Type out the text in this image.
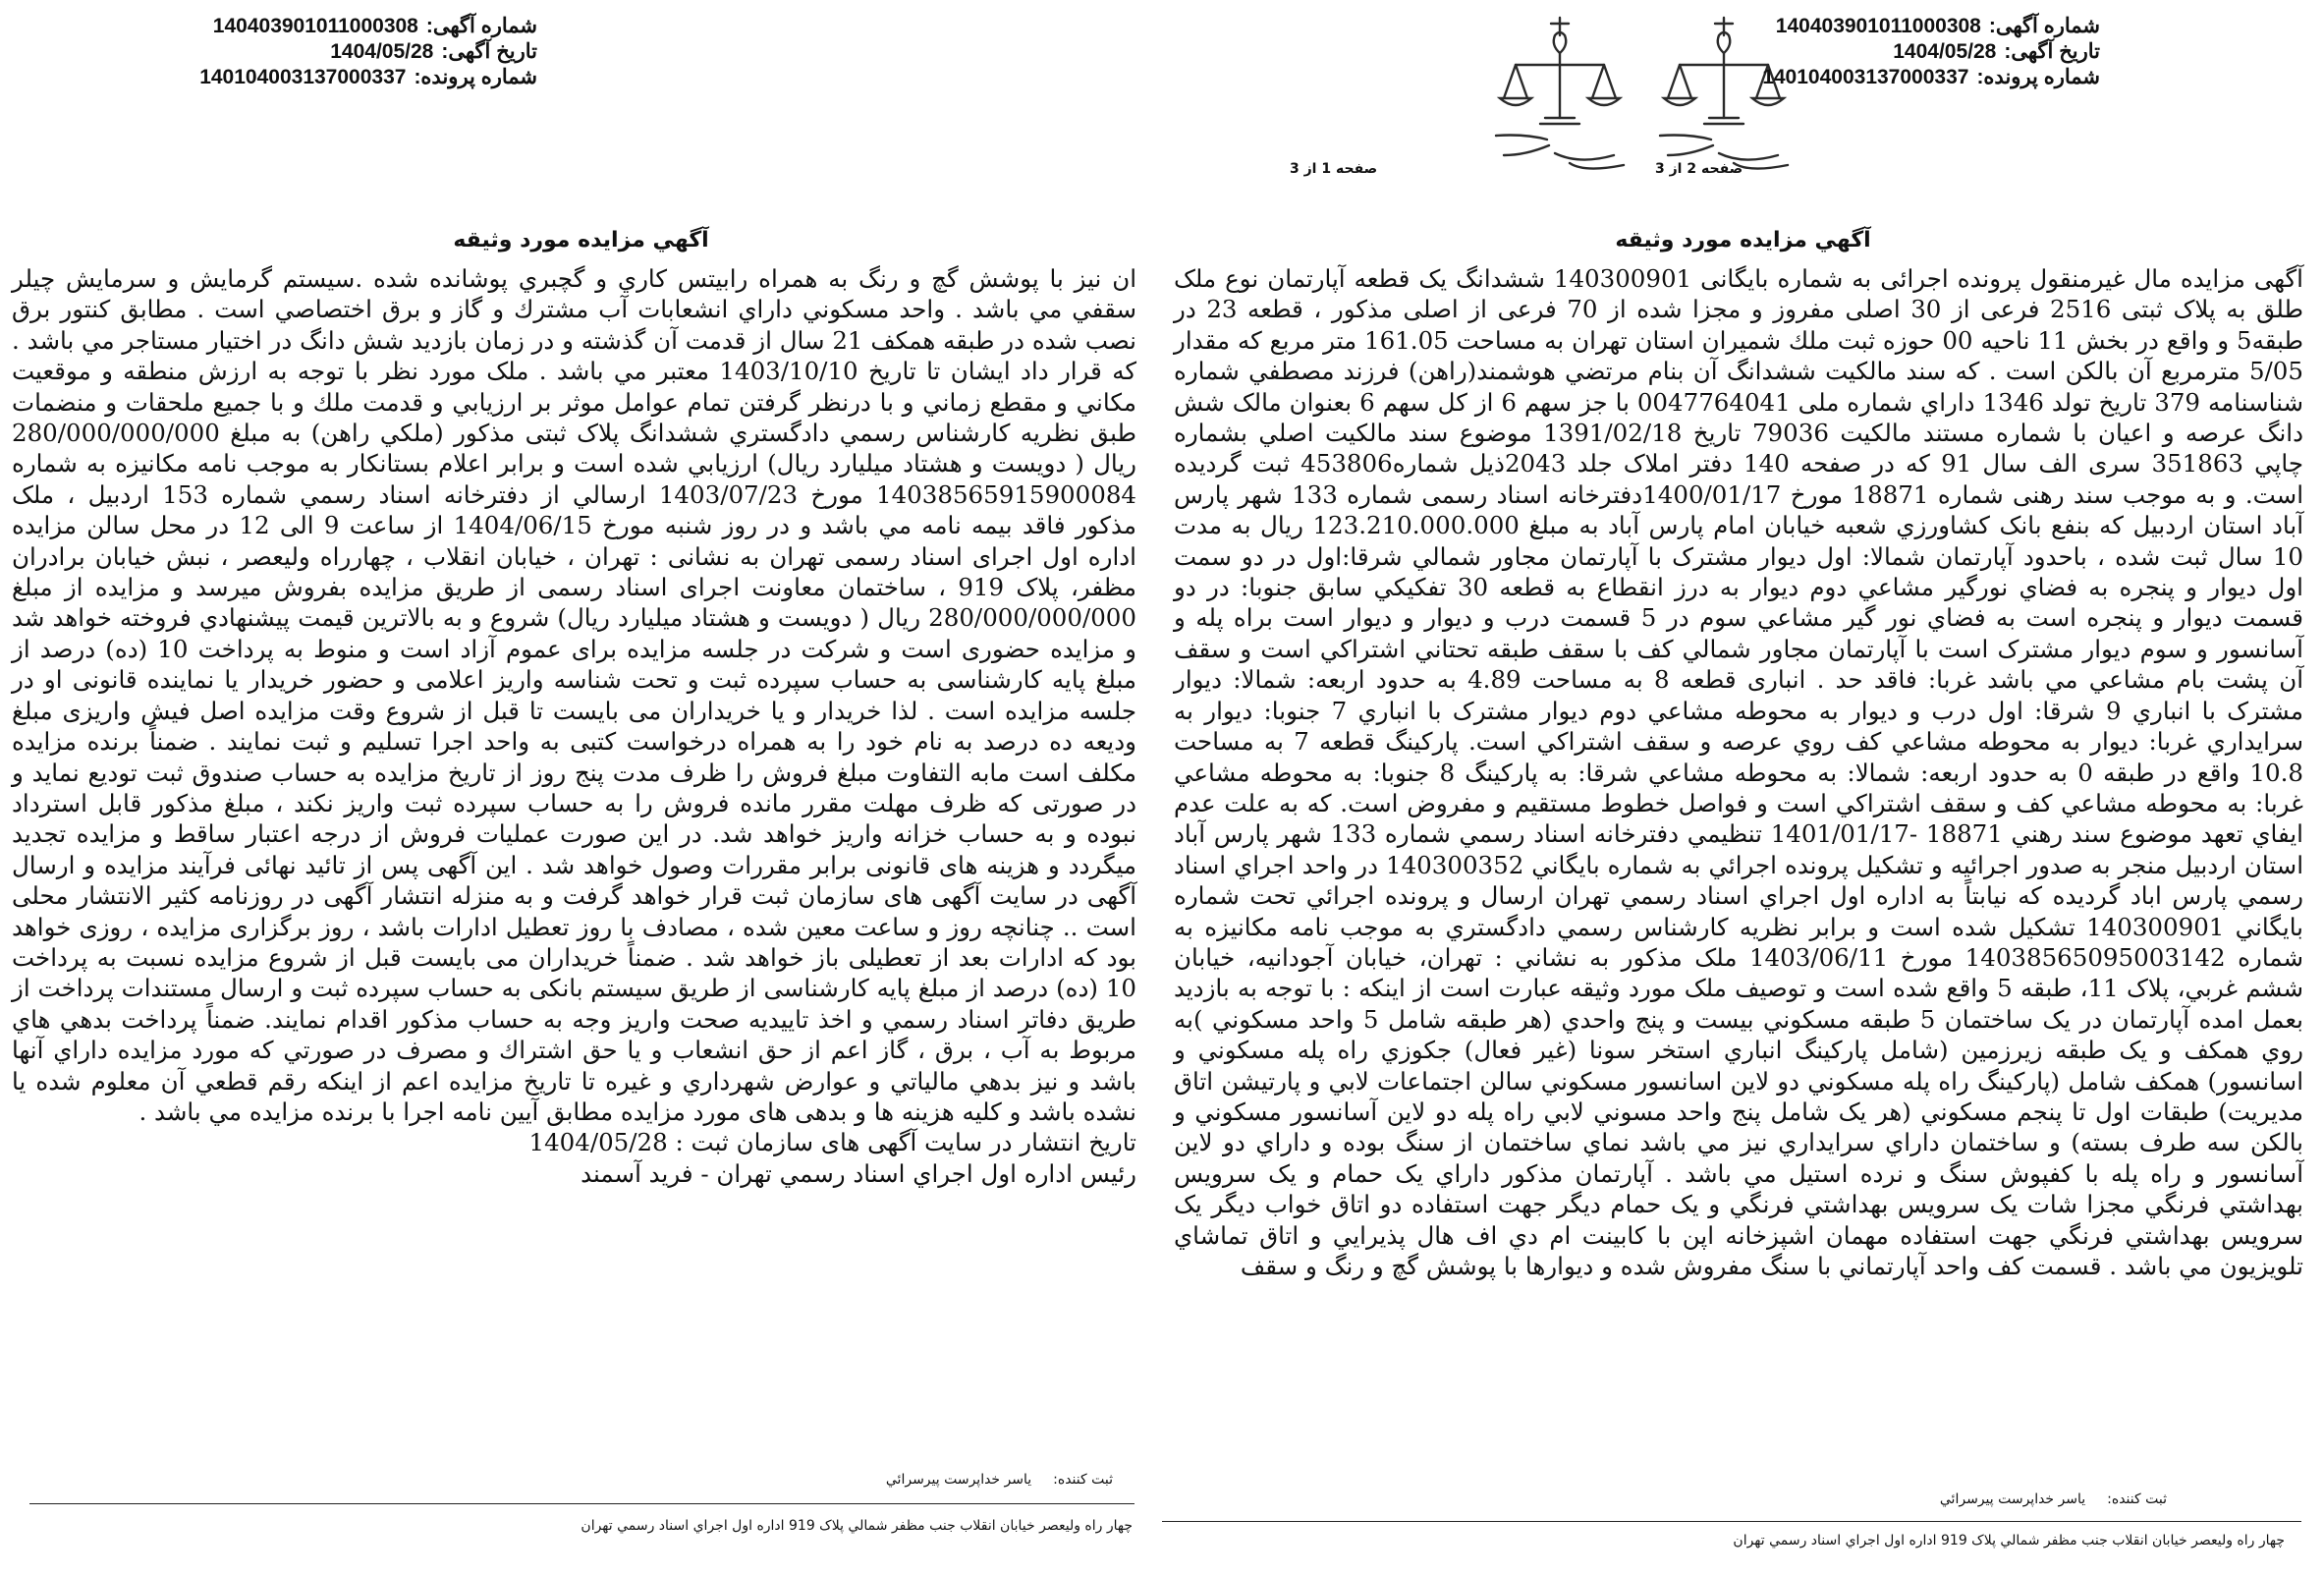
شماره آگهی:
140403901011000308
تاریخ آگهی:
1404/05/28
شماره پرونده:
140104003137000337
صفحه 2 از 3
آگهي مزايده مورد وثيقه
ان نیز با پوشش گچ و رنگ به همراه رابیتس كاري و گچبري پوشانده شده .سيستم گرمايش و سرمايش چيلر سقفي مي باشد . واحد مسكوني داراي انشعابات آب مشترك و گاز و برق اختصاصي است . مطابق كنتور برق نصب شده در طبقه همكف 21 سال از قدمت آن گذشته و در زمان بازديد شش دانگ در اختيار مستاجر مي باشد . كه قرار داد ايشان تا تاريخ 1403/10/10 معتبر مي باشد . ملک مورد نظر با توجه به ارزش منطقه و موقعيت مكاني و مقطع زماني و با درنظر گرفتن تمام عوامل موثر بر ارزيابي و قدمت ملك و با جميع ملحقات و منضمات طبق نظريه كارشناس رسمي دادگستري ششدانگ پلاک ثبتی مذكور (ملكي راهن) به مبلغ 280/000/000/000 ريال ( دويست و هشتاد ميليارد ريال) ارزيابي شده است و برابر اعلام بستانكار به موجب نامه مكانيزه به شماره 14038565915900084 مورخ 1403/07/23 ارسالي از دفترخانه اسناد رسمي شماره 153 اردبيل ، ملک مذكور فاقد بيمه نامه مي باشد و در روز شنبه مورخ 1404/06/15 از ساعت 9 الی 12 در محل سالن مزايده اداره اول اجرای اسناد رسمی تهران به نشانی : تهران ، خيابان انقلاب ، چهارراه وليعصر ، نبش خيابان برادران مظفر، پلاک 919 ، ساختمان معاونت اجرای اسناد رسمی از طريق مزايده بفروش ميرسد و مزايده از مبلغ 280/000/000/000 ريال ( دويست و هشتاد ميليارد ريال) شروع و به بالاترين قيمت پيشنهادي فروخته خواهد شد و مزايده حضوری است و شركت در جلسه مزايده برای عموم آزاد است و منوط به پرداخت 10 (ده) درصد از مبلغ پايه كارشناسی به حساب سپرده ثبت و تحت شناسه واريز اعلامی و حضور خريدار يا نماينده قانونی او در جلسه مزايده است . لذا خريدار و يا خريداران می بايست تا قبل از شروع وقت مزايده اصل فيش واريزی مبلغ وديعه ده درصد به نام خود را به همراه درخواست كتبی به واحد اجرا تسليم و ثبت نمايند . ضمناً برنده مزايده مكلف است مابه التفاوت مبلغ فروش را ظرف مدت پنج روز از تاريخ مزايده به حساب صندوق ثبت توديع نمايد و در صورتی كه ظرف مهلت مقرر مانده فروش را به حساب سپرده ثبت واريز نكند ، مبلغ مذكور قابل استرداد نبوده و به حساب خزانه واريز خواهد شد. در اين صورت عمليات فروش از درجه اعتبار ساقط و مزايده تجديد ميگردد و هزينه های قانونی برابر مقررات وصول خواهد شد . اين آگهی پس از تائيد نهائی فرآيند مزايده و ارسال آگهی در سايت آگهی های سازمان ثبت قرار خواهد گرفت و به منزله انتشار آگهی در روزنامه كثير الانتشار محلی است .. چنانچه روز و ساعت معين شده ، مصادف با روز تعطيل ادارات باشد ، روز برگزاری مزايده ، روزی خواهد بود كه ادارات بعد از تعطيلی باز خواهد شد . ضمناً خريداران می بايست قبل از شروع مزايده نسبت به پرداخت 10 (ده) درصد از مبلغ پايه كارشناسی از طريق سيستم بانكی به حساب سپرده ثبت و ارسال مستندات پرداخت از طريق دفاتر اسناد رسمي و اخذ تاييديه صحت واريز وجه به حساب مذكور اقدام نمايند. ضمناً پرداخت بدهي هاي مربوط به آب ، برق ، گاز اعم از حق انشعاب و يا حق اشتراك و مصرف در صورتي كه مورد مزايده داراي آنها باشد و نيز بدهي مالياتي و عوارض شهرداري و غيره تا تاريخ مزايده اعم از اينكه رقم قطعي آن معلوم شده يا نشده باشد و كليه هزينه ها و بدهی های مورد مزايده مطابق آيين نامه اجرا با برنده مزايده مي باشد .
تاريخ انتشار در سايت آگهی های سازمان ثبت : 1404/05/28
رئيس اداره اول اجراي اسناد رسمي تهران - فريد آسمند
ثبت كننده:ياسر خداپرست پيرسرائي
چهار راه وليعصر خيابان انقلاب جنب مظفر شمالي پلاک 919 اداره اول اجراي اسناد رسمي تهران
شماره آگهی:
140403901011000308
تاریخ آگهی:
1404/05/28
شماره پرونده:
140104003137000337
صفحه 1 از 3
آگهي مزايده مورد وثيقه
آگهی مزایده مال غیرمنقول پرونده اجرائی به شماره بایگانی 140300901 ششدانگ یک قطعه آپارتمان نوع ملک طلق به پلاک ثبتی 2516 فرعی از 30 اصلی مفروز و مجزا شده از 70 فرعی از اصلی مذکور ، قطعه 23 در طبقه5 و واقع در بخش 11 ناحيه 00 حوزه ثبت ملك شميران استان تهران به مساحت 161.05 متر مربع كه مقدار 5/05 مترمربع آن بالكن است . كه سند مالكيت ششدانگ آن بنام مرتضي هوشمند(راهن) فرزند مصطفي شماره شناسنامه 379 تاريخ تولد 1346 داراي شماره ملی 0047764041 با جز سهم 6 از كل سهم 6 بعنوان مالک شش دانگ عرصه و اعيان با شماره مستند مالكيت 79036 تاريخ 1391/02/18 موضوع سند مالكيت اصلي بشماره چاپي 351863 سری الف سال 91 كه در صفحه 140 دفتر املاک جلد 2043ذيل شماره453806 ثبت گرديده است. و به موجب سند رهنی شماره 18871 مورخ 1400/01/17دفترخانه اسناد رسمی شماره 133 شهر پارس آباد استان اردبيل كه بنفع بانک كشاورزي شعبه خيابان امام پارس آباد به مبلغ 123.210.000.000 ريال به مدت 10 سال ثبت شده ، باحدود آپارتمان شمالا: اول ديوار مشترک با آپارتمان مجاور شمالي شرقا:اول در دو سمت اول ديوار و پنجره به فضاي نورگير مشاعي دوم ديوار به درز انقطاع به قطعه 30 تفكيكي سابق جنوبا: در دو قسمت ديوار و پنجره است به فضاي نور گير مشاعي سوم در 5 قسمت درب و ديوار و ديوار است براه پله و آسانسور و سوم ديوار مشترک است با آپارتمان مجاور شمالي كف با سقف طبقه تحتاني اشتراكي است و سقف آن پشت بام مشاعي مي باشد غربا: فاقد حد . انباری قطعه 8 به مساحت 4.89 به حدود اربعه: شمالا: ديوار مشترک با انباري 9 شرقا: اول درب و ديوار به محوطه مشاعي دوم ديوار مشترک با انباري 7 جنوبا: ديوار به سرايداري غربا: ديوار به محوطه مشاعي كف روي عرصه و سقف اشتراكي است. پاركينگ قطعه 7 به مساحت 10.8 واقع در طبقه 0 به حدود اربعه: شمالا: به محوطه مشاعي شرقا: به پاركينگ 8 جنوبا: به محوطه مشاعي غربا: به محوطه مشاعي كف و سقف اشتراكي است و فواصل خطوط مستقيم و مفروض است. كه به علت عدم ايفاي تعهد موضوع سند رهني 18871 -1401/01/17 تنظيمي دفترخانه اسناد رسمي شماره 133 شهر پارس آباد استان اردبيل منجر به صدور اجرائيه و تشكيل پرونده اجرائي به شماره بايگاني 140300352 در واحد اجراي اسناد رسمي پارس اباد گرديده كه نيابتاً به اداره اول اجراي اسناد رسمي تهران ارسال و پرونده اجرائي تحت شماره بايگاني 140300901 تشكيل شده است و برابر نظريه كارشناس رسمي دادگستري به موجب نامه مكانيزه به شماره 14038565095003142 مورخ 1403/06/11 ملک مذكور به نشاني : تهران، خيابان آجودانيه، خيابان ششم غربي، پلاک 11، طبقه 5 واقع شده است و توصيف ملک مورد وثيقه عبارت است از اينكه : با توجه به بازديد بعمل امده آپارتمان در يک ساختمان 5 طبقه مسكوني بيست و پنج واحدي (هر طبقه شامل 5 واحد مسكوني )به روي همكف و يک طبقه زيرزمين (شامل پاركينگ انباري استخر سونا (غير فعال) جكوزي راه پله مسكوني و اسانسور) همكف شامل (پاركينگ راه پله مسكوني دو لاين اسانسور مسكوني سالن اجتماعات لابي و پارتيشن اتاق مديريت) طبقات اول تا پنجم مسكوني (هر يک شامل پنج واحد مسوني لابي راه پله دو لاين آسانسور مسكوني و بالكن سه طرف بسته) و ساختمان داراي سرايداري نيز مي باشد نماي ساختمان از سنگ بوده و داراي دو لاين آسانسور و راه پله با كفپوش سنگ و نرده استيل مي باشد . آپارتمان مذكور داراي يک حمام و يک سرويس بهداشتي فرنگي مجزا شات يک سرويس بهداشتي فرنگي و يک حمام ديگر جهت استفاده دو اتاق خواب ديگر يک سرويس بهداشتي فرنگي جهت استفاده مهمان اشپزخانه اپن با كابينت ام دي اف هال پذيرايي و اتاق تماشاي تلويزيون مي باشد . قسمت كف واحد آپارتماني با سنگ مفروش شده و ديوارها با پوشش گچ و رنگ و سقف
ثبت كننده:ياسر خداپرست پيرسرائي
چهار راه وليعصر خيابان انقلاب جنب مظفر شمالي پلاک 919 اداره اول اجراي اسناد رسمي تهران
